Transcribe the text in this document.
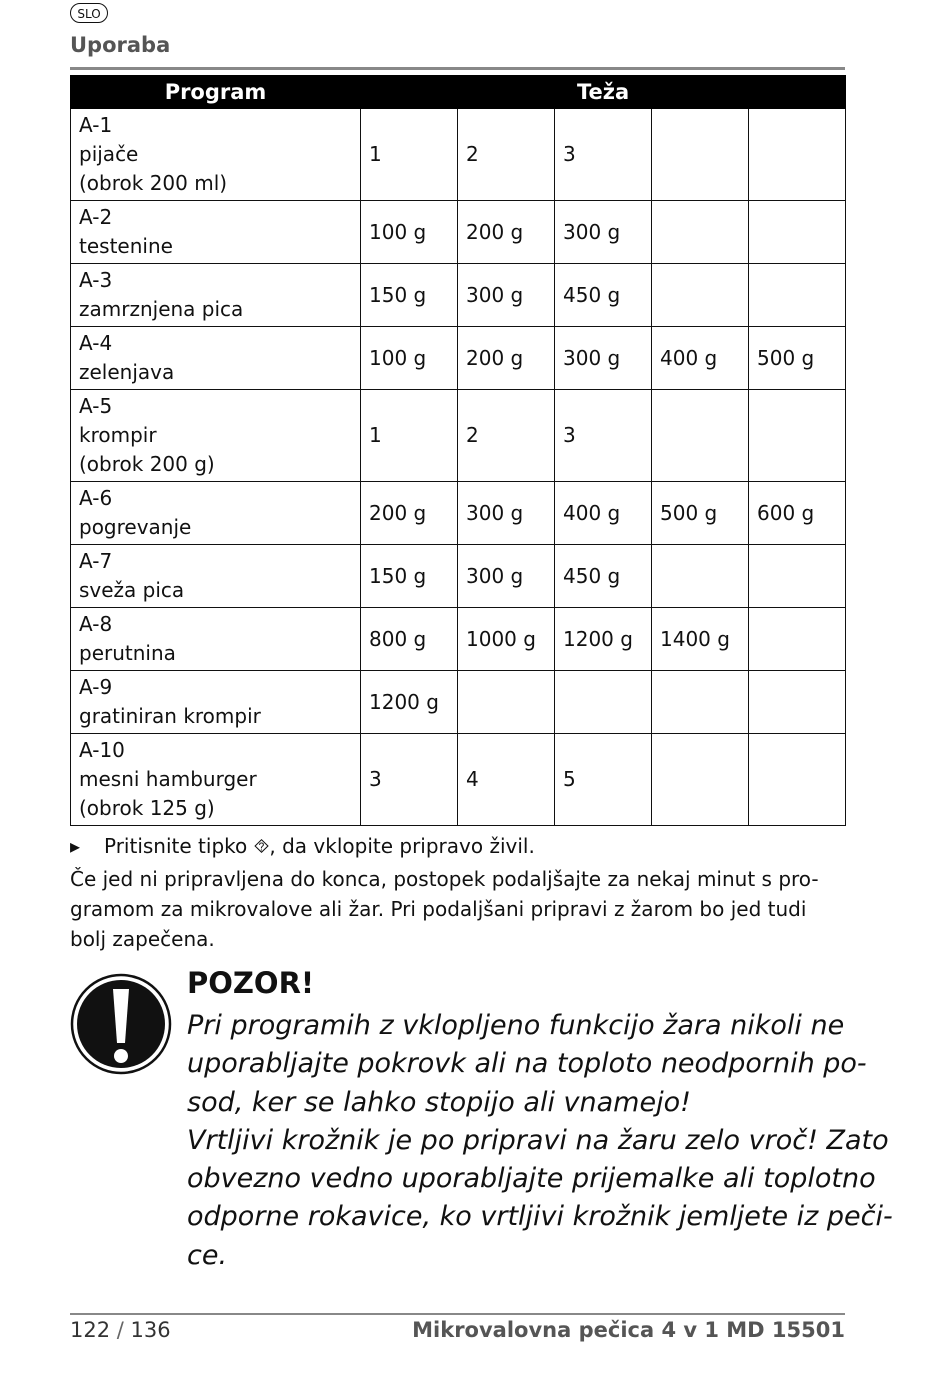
SLO
Uporaba
Program	Teža				

A-1
pijače
(obrok 200 ml)	1	2	3		

A-2
testenine	100 g	200 g	300 g		

A-3
zamrznjena pica	150 g	300 g	450 g		

A-4
zelenjava	100 g	200 g	300 g	400 g	500 g

A-5
krompir
(obrok 200 g)	1	2	3		

A-6
pogrevanje	200 g	300 g	400 g	500 g	600 g

A-7
sveža pica	150 g	300 g	450 g		

A-8
perutnina	800 g	1000 g	1200 g	1400 g	

A-9
gratiniran krompir	1200 g				

A-10
mesni hamburger
(obrok 125 g)	3	4	5		
▸ Pritisnite tipko ⯑, da vklopite pripravo živil.
Če jed ni pripravljena do konca, postopek podaljšajte za nekaj minut s pro-
gramom za mikrovalove ali žar. Pri podaljšani pripravi z žarom bo jed tudi
bolj zapečena.
POZOR!
Pri programih z vklopljeno funkcijo žara nikoli ne
uporabljajte pokrovk ali na toploto neodpornih po-
sod, ker se lahko stopijo ali vnamejo!
Vrtljivi krožnik je po pripravi na žaru zelo vroč! Zato
obvezno vedno uporabljajte prijemalke ali toplotno
odporne rokavice, ko vrtljivi krožnik jemljete iz peči-
ce.
122 / 136	Mikrovalovna pečica 4 v 1 MD 15501
